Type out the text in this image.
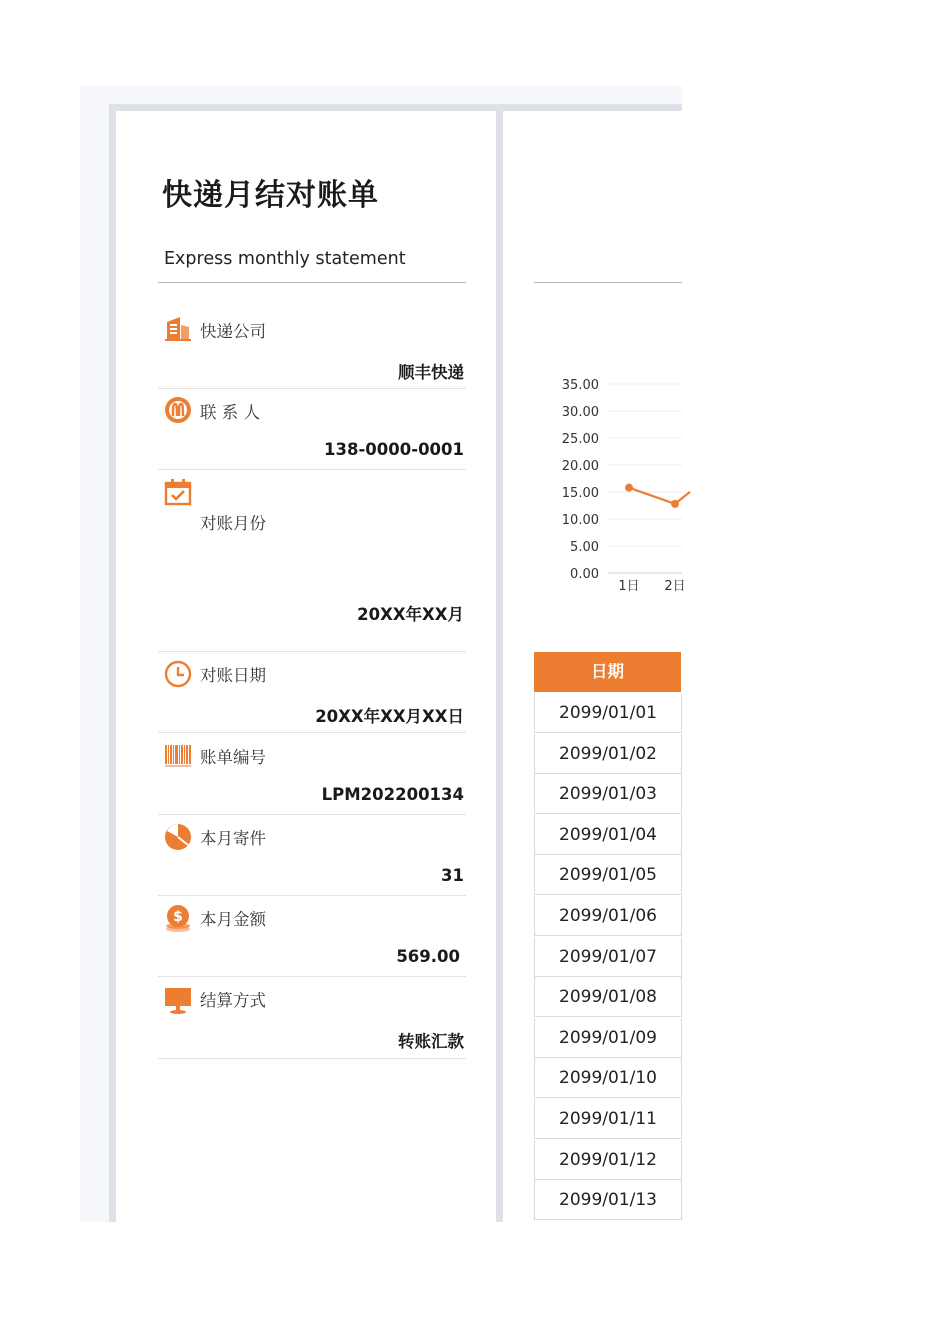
快递月结对账单
Express monthly statement
快递公司
顺丰快递
联 系 人
138-0000-0001
对账月份
20XX年XX月
对账日期
20XX年XX月XX日
账单编号
LPM202200134
本月寄件
31
$ 本月金额
569.00
结算方式
转账汇款
35.00
30.00
25.00
20.00
15.00
10.00
5.00
0.00
1日 2日
日期
2099/01/01
2099/01/02
2099/01/03
2099/01/04
2099/01/05
2099/01/06
2099/01/07
2099/01/08
2099/01/09
2099/01/10
2099/01/11
2099/01/12
2099/01/13
